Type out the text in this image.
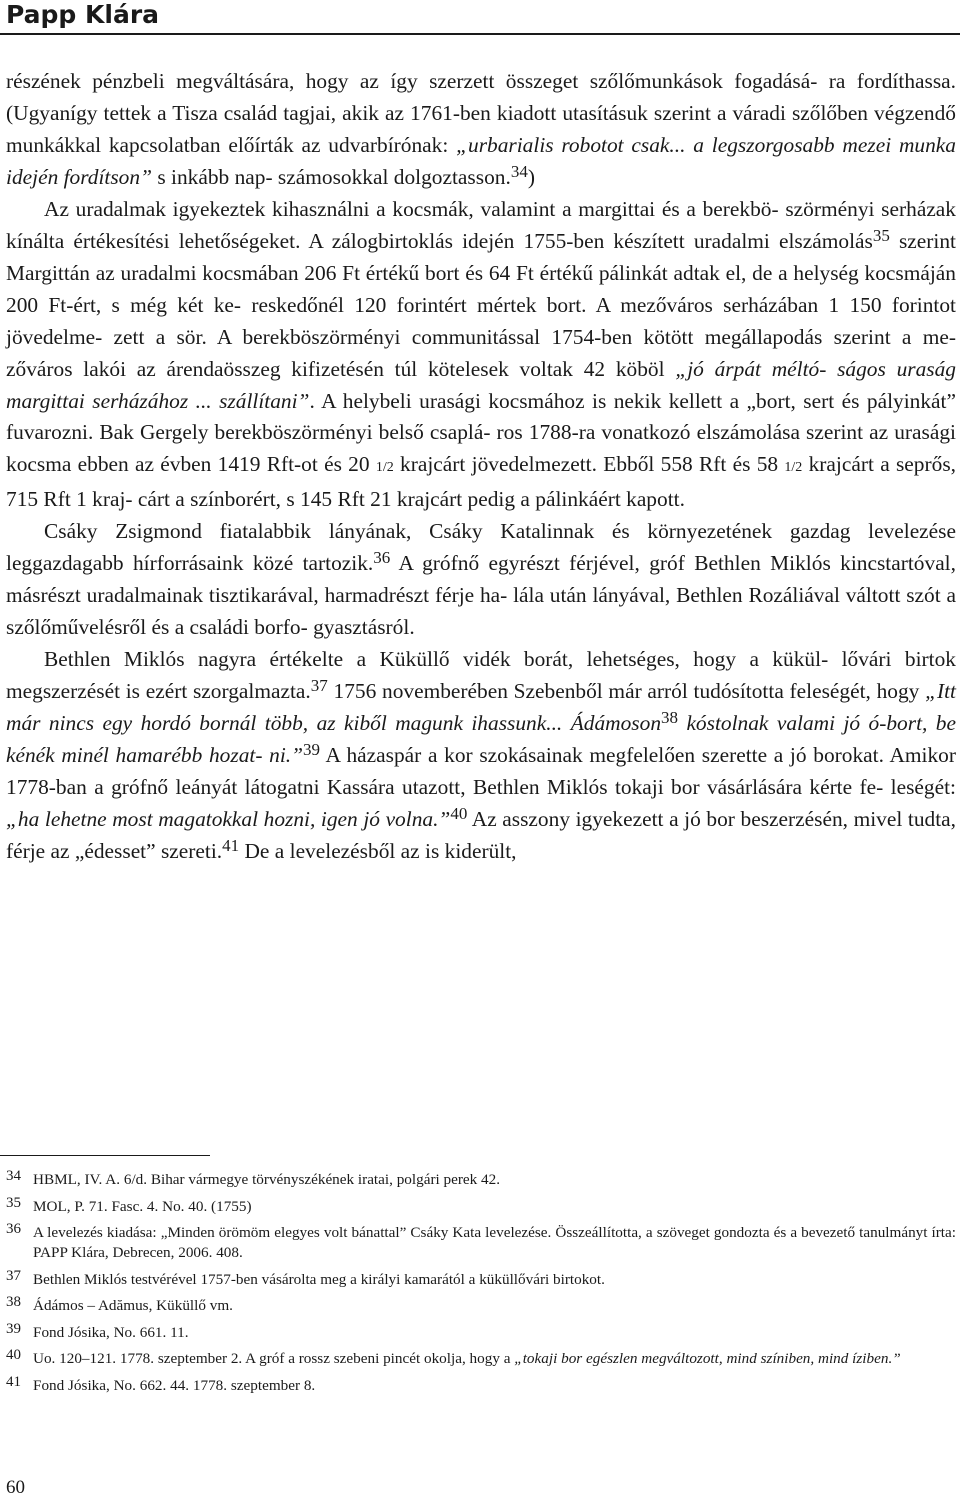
Papp Klára

részének pénzbeli megváltására, hogy az így szerzett összeget szőlőmunkások fogadásá- ra fordíthassa. (Ugyanígy tettek a Tisza család tagjai, akik az 1761-ben kiadott utasításuk szerint a váradi szőlőben végzendő munkákkal kapcsolatban előírták az udvarbírónak: „urbarialis robotot csak... a legszorgosabb mezei munka idején fordítson” s inkább nap- számosokkal dolgoztasson.$^{34}$)

Az uradalmak igyekeztek kihasználni a kocsmák, valamint a margittai és a berekbö- szörményi serházak kínálta értékesítési lehetőségeket. A zálogbirtoklás idején 1755-ben készített uradalmi elszámolás$^{35}$ szerint Margittán az uradalmi kocsmában 206 Ft értékű bort és 64 Ft értékű pálinkát adtak el, de a helység kocsmáján 200 Ft-ért, s még két ke- reskedőnél 120 forintért mértek bort. A mezőváros serházában 1 150 forintot jövedelme- zett a sör. A berekböszörményi communitással 1754-ben kötött megállapodás szerint a me- zőváros lakói az árendaösszeg kifizetésén túl kötelesek voltak 42 köböl „jó árpát méltó- ságos uraság margittai serházához ... szállítani”. A helybeli urasági kocsmához is nekik kellett a „bort, sert és pályinkát” fuvarozni. Bak Gergely berekböszörményi belső csaplá- ros 1788-ra vonatkozó elszámolása szerint az urasági kocsma ebben az évben 1419 Rft-ot és 20 1/2 krajcárt jövedelmezett. Ebből 558 Rft és 58 1/2 krajcárt a seprős, 715 Rft 1 kraj- cárt a színborért, s 145 Rft 21 krajcárt pedig a pálinkáért kapott.

Csáky Zsigmond fiatalabbik lányának, Csáky Katalinnak és környezetének gazdag levelezése leggazdagabb hírforrásaink közé tartozik.$^{36}$ A grófnő egyrészt férjével, gróf Bethlen Miklós kincstartóval, másrészt uradalmainak tisztikarával, harmadrészt férje ha- lála után lányával, Bethlen Rozáliával váltott szót a szőlőművelésről és a családi borfo- gyasztásról.

Bethlen Miklós nagyra értékelte a Küküllő vidék borát, lehetséges, hogy a kükül- lővári birtok megszerzését is ezért szorgalmazta.$^{37}$ 1756 novemberében Szebenből már arról tudósította feleségét, hogy „Itt már nincs egy hordó bornál több, az kiből magunk ihassunk... Ádámoson$^{38}$ kóstolnak valami jó ó-bort, be kénék minél hamarébb hozat- ni.”$^{39}$ A házaspár a kor szokásainak megfelelően szerette a jó borokat. Amikor 1778-ban a grófnő leányát látogatni Kassára utazott, Bethlen Miklós tokaji bor vásárlására kérte fe- leségét: „ha lehetne most magatokkal hozni, igen jó volna.”$^{40}$ Az asszony igyekezett a jó bor beszerzésén, mivel tudta, férje az „édesset” szereti.$^{41}$ De a levelezésből az is kiderült,

34 HBML, IV. A. 6/d. Bihar vármegye törvényszékének iratai, polgári perek 42.
35 MOL, P. 71. Fasc. 4. No. 40. (1755)
36 A levelezés kiadása: „Minden örömöm elegyes volt bánattal” Csáky Kata levelezése. Összeállította, a szöveget gondozta és a bevezető tanulmányt írta: PAPP Klára, Debrecen, 2006. 408.
37 Bethlen Miklós testvérével 1757-ben vásárolta meg a királyi kamarától a küküllővári birtokot.
38 Ádámos – Adămus, Küküllő vm.
39 Fond Jósika, No. 661. 11.
40 Uo. 120–121. 1778. szeptember 2. A gróf a rossz szebeni pincét okolja, hogy a „tokaji bor egészlen megváltozott, mind színiben, mind íziben.”
41 Fond Jósika, No. 662. 44. 1778. szeptember 8.
60
